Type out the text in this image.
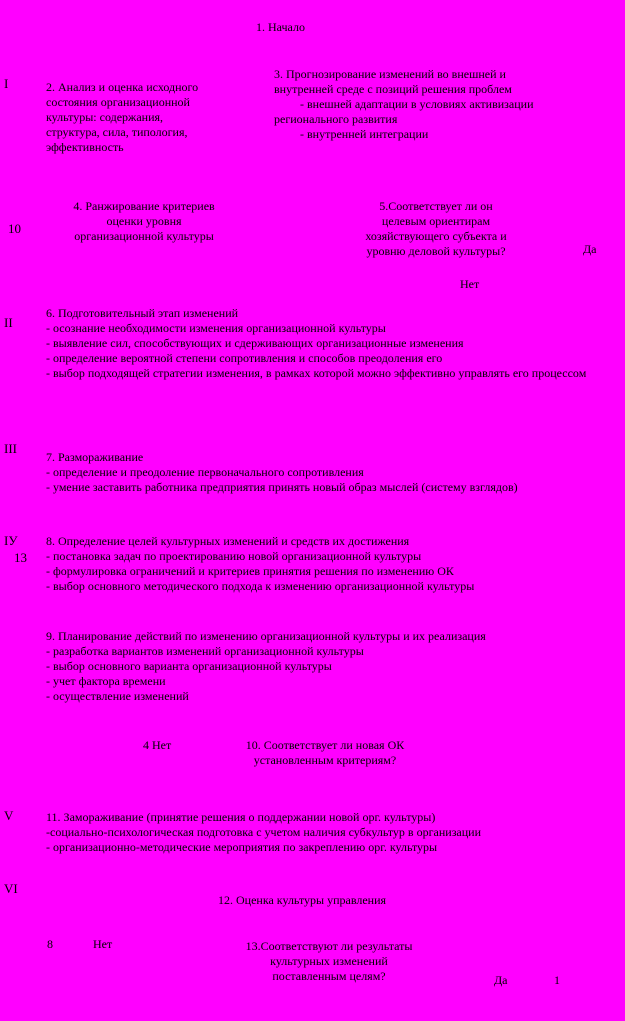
1. Начало
I
II
III
IУ
V
VI
2. Анализ и оценка исходного
состояния организационной
культуры: содержания,
структура, сила, типология,
эффективность
3. Прогнозирование изменений во внешней и
внутренней среде с позиций решения проблем
- внешней адаптации в условиях активизации
регионального развития
- внутренней интеграции
10
4. Ранжирование критериев
оценки уровня
организационной культуры
5.Соответствует ли он
целевым ориентирам
хозяйствующего субъекта и
уровню деловой культуры?	Да
Нет
6. Подготовительный этап изменений
- осознание необходимости изменения организационной культуры
- выявление сил, способствующих и сдерживающих организационные изменения
- определение вероятной степени сопротивления и способов преодоления его
- выбор подходящей стратегии изменения, в рамках которой можно эффективно управлять его процессом
7. Размораживание
- определение и преодоление первоначального сопротивления
- умение заставить работника предприятия принять новый образ мыслей (систему взглядов)
13
8. Определение целей культурных изменений и средств их достижения
- постановка задач по проектированию новой организационной культуры
- формулировка ограничений и критериев принятия решения по изменению ОК
- выбор основного методического подхода к изменению организационной культуры
9. Планирование действий по изменению организационной культуры и их реализация
- разработка вариантов изменений организационной культуры
- выбор основного варианта организационной культуры
- учет фактора времени
- осуществление изменений
4 Нет	10. Соответствует ли новая ОК
установленным критериям?
11. Замораживание (принятие решения о поддержании новой орг. культуры)
-социально-психологическая подготовка с учетом наличия субкультур в организации
- организационно-методические мероприятия по закреплению орг. культуры
12. Оценка культуры управления
8	Нет	13.Соответствуют ли результаты
культурных изменений
поставленным целям?	Да	1
